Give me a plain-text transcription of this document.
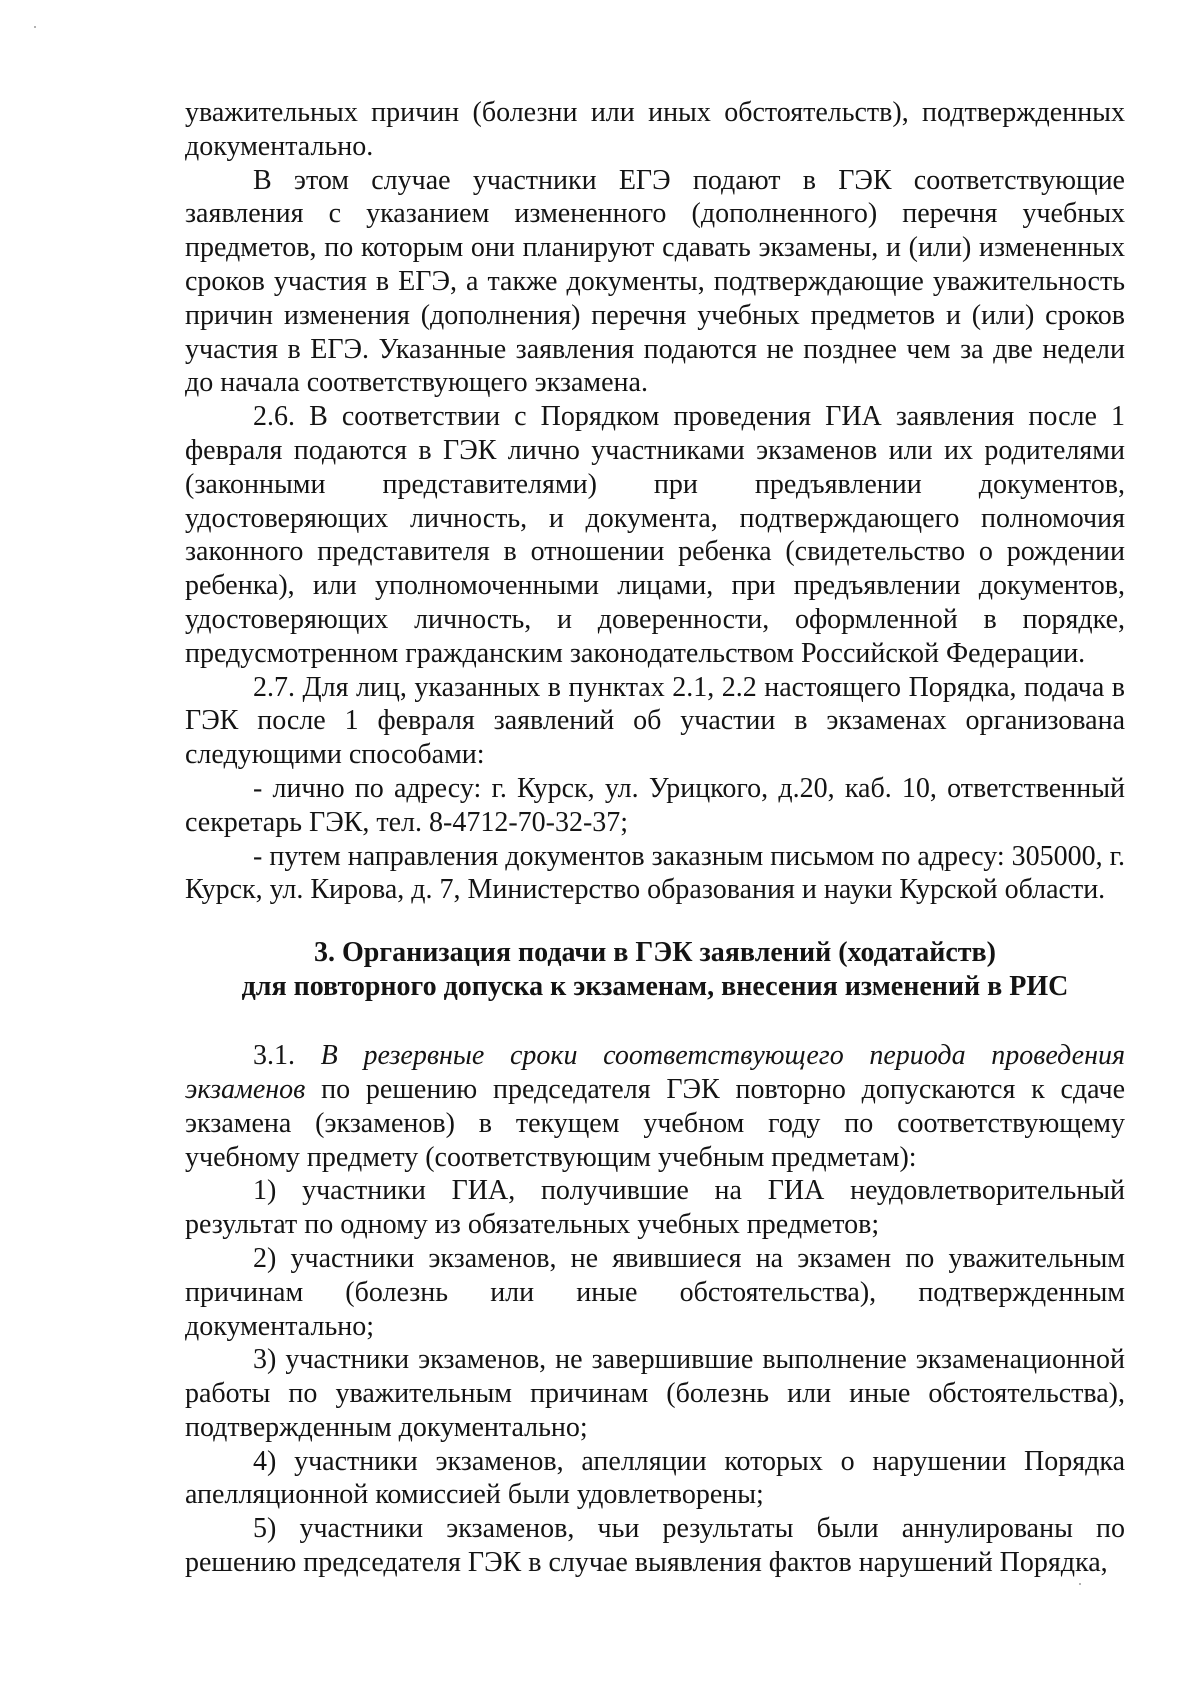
уважительных причин (болезни или иных обстоятельств), подтвержденных документально.

В этом случае участники ЕГЭ подают в ГЭК соответствующие заявления с указанием измененного (дополненного) перечня учебных предметов, по которым они планируют сдавать экзамены, и (или) измененных сроков участия в ЕГЭ, а также документы, подтверждающие уважительность причин изменения (дополнения) перечня учебных предметов и (или) сроков участия в ЕГЭ. Указанные заявления подаются не позднее чем за две недели до начала соответствующего экзамена.

2.6. В соответствии с Порядком проведения ГИА заявления после 1 февраля подаются в ГЭК лично участниками экзаменов или их родителями (законными представителями) при предъявлении документов, удостоверяющих личность, и документа, подтверждающего полномочия законного представителя в отношении ребенка (свидетельство о рождении ребенка), или уполномоченными лицами, при предъявлении документов, удостоверяющих личность, и доверенности, оформленной в порядке, предусмотренном гражданским законодательством Российской Федерации.

2.7. Для лиц, указанных в пунктах 2.1, 2.2 настоящего Порядка, подача в ГЭК после 1 февраля заявлений об участии в экзаменах организована следующими способами:

- лично по адресу: г. Курск, ул. Урицкого, д.20, каб. 10, ответственный секретарь ГЭК, тел. 8-4712-70-32-37;

- путем направления документов заказным письмом по адресу: 305000, г. Курск, ул. Кирова, д. 7, Министерство образования и науки Курской области.

3. Организация подачи в ГЭК заявлений (ходатайств)

для повторного допуска к экзаменам, внесения изменений в РИС

3.1. В резервные сроки соответствующего периода проведения экзаменов по решению председателя ГЭК повторно допускаются к сдаче экзамена (экзаменов) в текущем учебном году по соответствующему учебному предмету (соответствующим учебным предметам):

1) участники ГИА, получившие на ГИА неудовлетворительный результат по одному из обязательных учебных предметов;

2) участники экзаменов, не явившиеся на экзамен по уважительным причинам (болезнь или иные обстоятельства), подтвержденным документально;

3) участники экзаменов, не завершившие выполнение экзаменационной работы по уважительным причинам (болезнь или иные обстоятельства), подтвержденным документально;

4) участники экзаменов, апелляции которых о нарушении Порядка апелляционной комиссией были удовлетворены;

5) участники экзаменов, чьи результаты были аннулированы по решению председателя ГЭК в случае выявления фактов нарушений Порядка,
